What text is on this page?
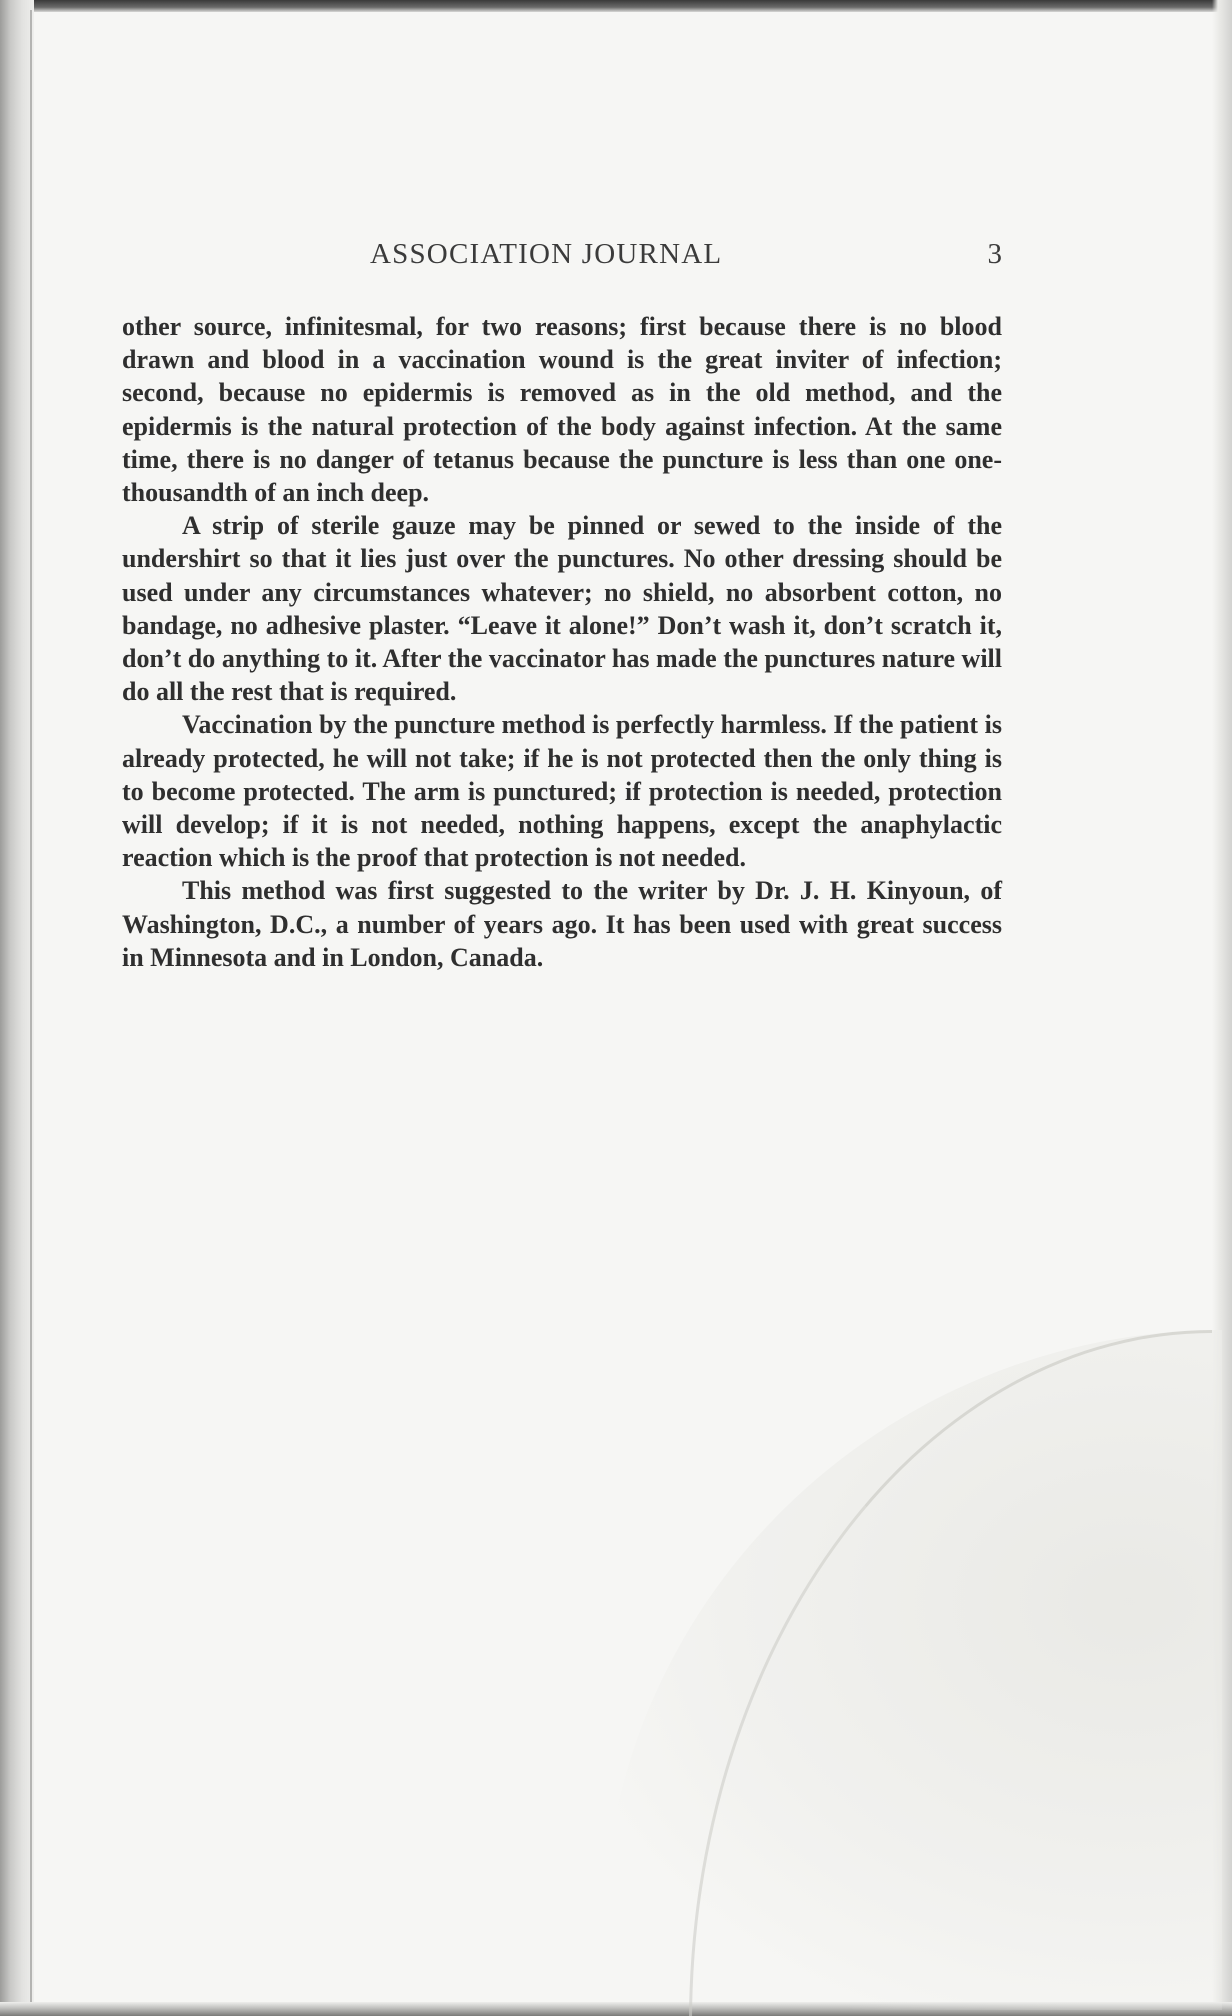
ASSOCIATION JOURNAL	3

other source, infinitesmal, for two reasons; first because there is no blood drawn and blood in a vaccination wound is the great inviter of infection; second, because no epidermis is removed as in the old method, and the epidermis is the natural protection of the body against infection. At the same time, there is no danger of tetanus because the puncture is less than one one-thousandth of an inch deep.

A strip of sterile gauze may be pinned or sewed to the inside of the undershirt so that it lies just over the punctures. No other dressing should be used under any circumstances whatever; no shield, no absorbent cotton, no bandage, no adhesive plaster. “Leave it alone!” Don’t wash it, don’t scratch it, don’t do anything to it. After the vaccinator has made the punctures nature will do all the rest that is required.

Vaccination by the puncture method is perfectly harmless. If the patient is already protected, he will not take; if he is not protected then the only thing is to become protected. The arm is punctured; if protection is needed, protection will develop; if it is not needed, nothing happens, except the anaphylactic reaction which is the proof that protection is not needed.

This method was first suggested to the writer by Dr. J. H. Kinyoun, of Washington, D.C., a number of years ago. It has been used with great success in Minnesota and in London, Canada.
